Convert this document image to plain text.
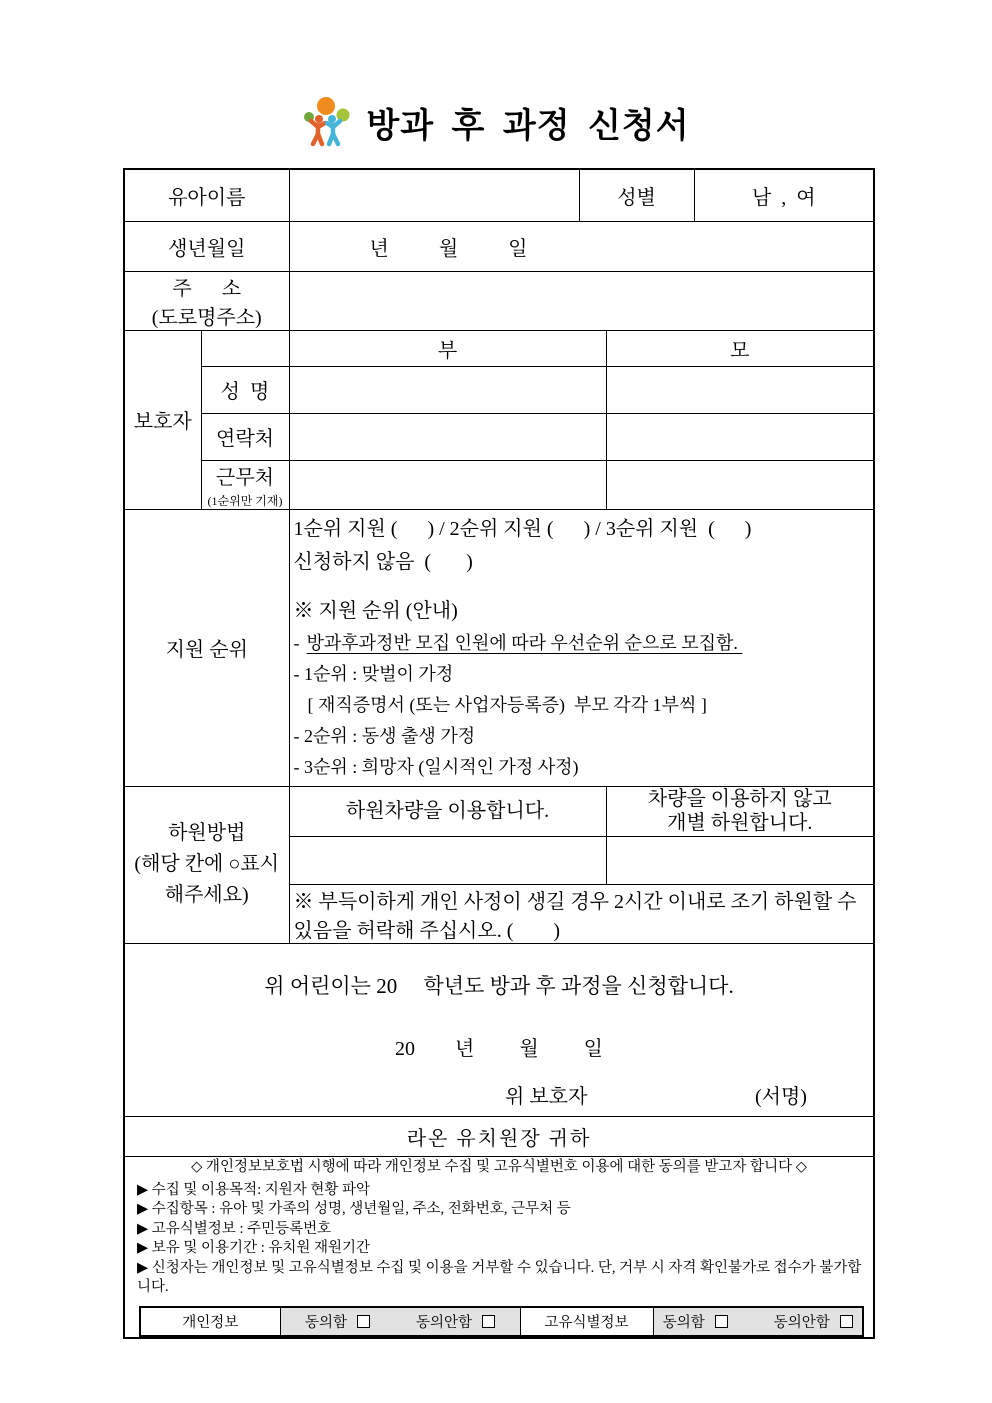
방과 후 과정 신청서
유아이름		성별	남  ,  여
생년월일	년          월          일
주      소
(도로명주소)	
보호자		부	모
성  명		
연락처		
근무처
(1순위만 기재)

지원 순위	
1순위 지원 (      ) / 2순위 지원 (      ) / 3순위 지원  (      )
신청하지 않음  (       )
※ 지원 순위 (안내)
- 방과후과정반 모집 인원에 따라 우선순위 순으로 모집함.
- 1순위 : 맞벌이 가정
[ 재직증명서 (또는 사업자등록증)  부모 각각 1부씩 ]
- 2순위 : 동생 출생 가정
- 3순위 : 희망자 (일시적인 가정 사정)

하원방법
(해당 칸에 ○표시
해주세요)	하원차량을 이용합니다.	차량을 이용하지 않고
개별 하원합니다.

※ 부득이하게 개인 사정이 생길 경우 2시간 이내로 조기 하원할 수 있음을 허락해 주십시오. (        )

위 어린이는 20     학년도 방과 후 과정을 신청합니다.
20        년         월         일
위 보호자	(서명)

라온 유치원장 귀하

◇ 개인정보보호법 시행에 따라 개인정보 수집 및 고유식별번호 이용에 대한 동의를 받고자 합니다 ◇
▶ 수집 및 이용목적: 지원자 현황 파악
▶ 수집항목 : 유아 및 가족의 성명, 생년월일, 주소, 전화번호, 근무처 등
▶ 고유식별정보 : 주민등록번호
▶ 보유 및 이용기간 : 유치원 재원기간
▶ 신청자는 개인정보 및 고유식별정보 수집 및 이용을 거부할 수 있습니다. 단, 거부 시 자격 확인불가로 접수가 불가합니다.
개인정보	동의함	동의안함	고유식별정보	동의함	동의안함
